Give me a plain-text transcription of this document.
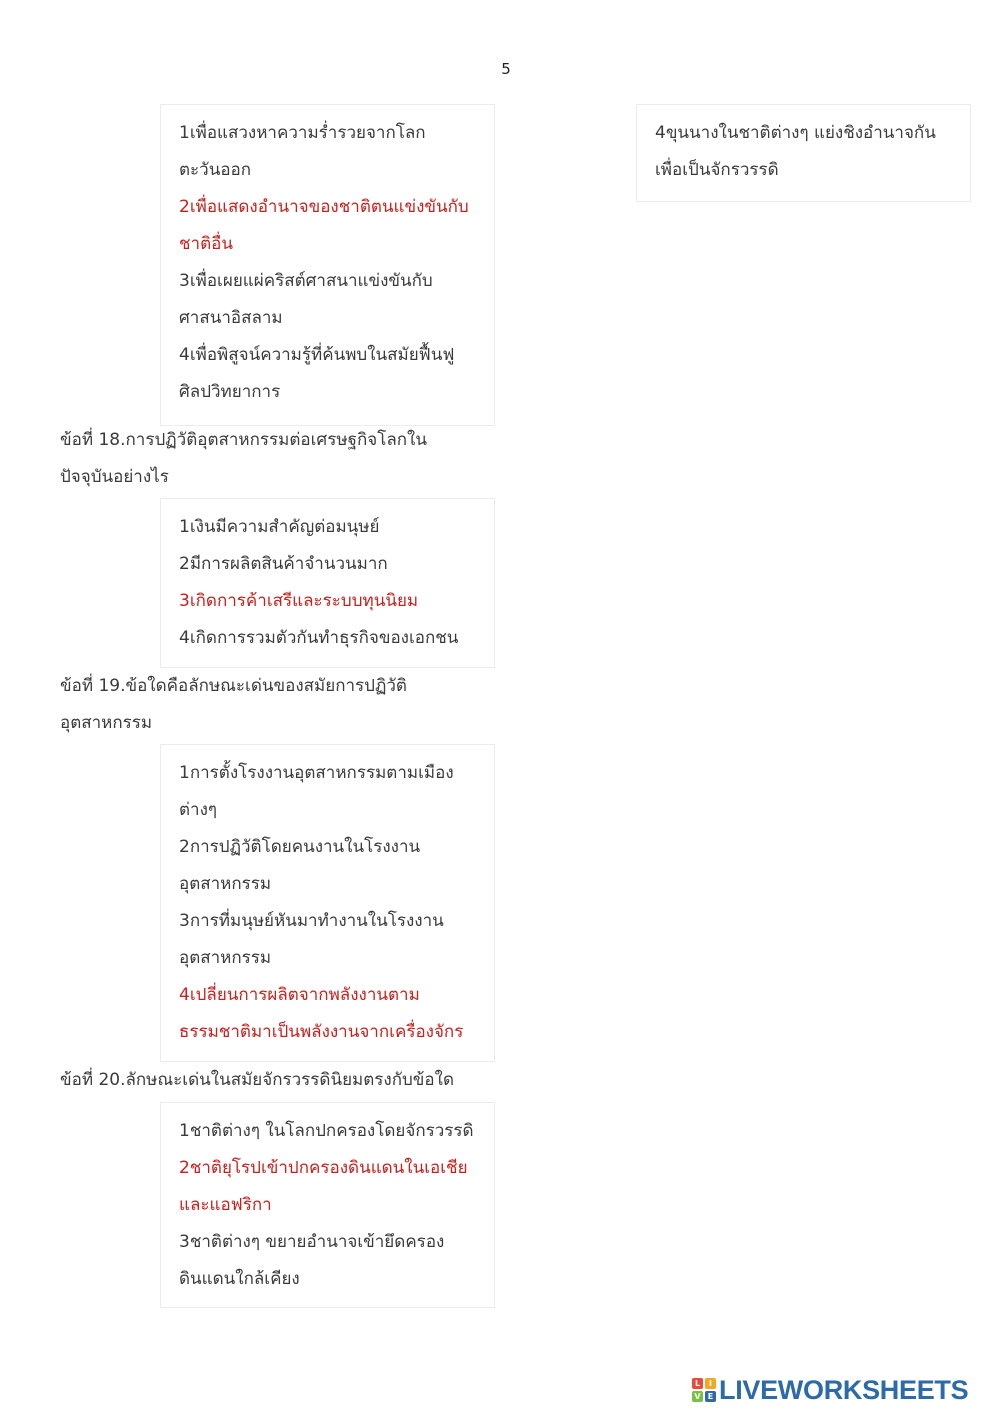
5
1เพื่อแสวงหาความร่ำรวยจากโลก
ตะวันออก
2เพื่อแสดงอำนาจของชาติตนแข่งขันกับ
ชาติอื่น
3เพื่อเผยแผ่คริสต์ศาสนาแข่งขันกับ
ศาสนาอิสลาม
4เพื่อพิสูจน์ความรู้ที่ค้นพบในสมัยฟื้นฟู
ศิลปวิทยาการ
4ขุนนางในชาติต่างๆ แย่งชิงอำนาจกัน
เพื่อเป็นจักรวรรดิ
ข้อที่ 18.การปฏิวัติอุตสาหกรรมต่อเศรษฐกิจโลกใน
ปัจจุบันอย่างไร
1เงินมีความสำคัญต่อมนุษย์
2มีการผลิตสินค้าจำนวนมาก
3เกิดการค้าเสรีและระบบทุนนิยม
4เกิดการรวมตัวกันทำธุรกิจของเอกชน
ข้อที่ 19.ข้อใดคือลักษณะเด่นของสมัยการปฏิวัติ
อุตสาหกรรม
1การตั้งโรงงานอุตสาหกรรมตามเมือง
ต่างๆ
2การปฏิวัติโดยคนงานในโรงงาน
อุตสาหกรรม
3การที่มนุษย์หันมาทำงานในโรงงาน
อุตสาหกรรม
4เปลี่ยนการผลิตจากพลังงานตาม
ธรรมชาติมาเป็นพลังงานจากเครื่องจักร
ข้อที่ 20.ลักษณะเด่นในสมัยจักรวรรดินิยมตรงกับข้อใด
1ชาติต่างๆ ในโลกปกครองโดยจักรวรรดิ
2ชาติยุโรปเข้าปกครองดินแดนในเอเชีย
และแอฟริกา
3ชาติต่างๆ ขยายอำนาจเข้ายึดครอง
ดินแดนใกล้เคียง
L	I
V E LIVEWORKSHEETS
